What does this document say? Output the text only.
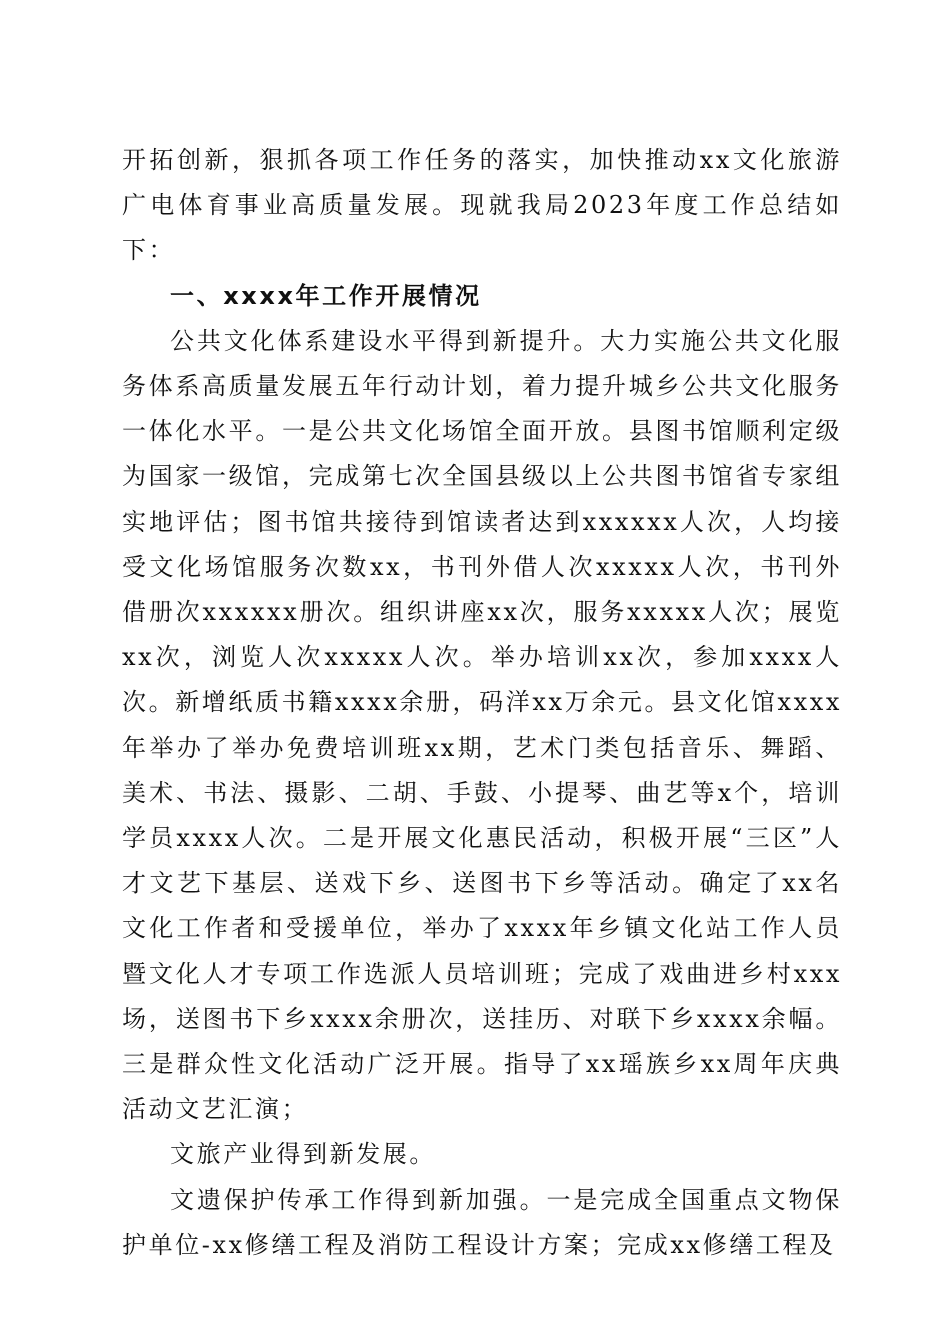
开拓创新，狠抓各项工作任务的落实，加快推动xx文化旅游广电体育事业高质量发展。现就我局2023年度工作总结如下：

一、xxxx年工作开展情况

公共文化体系建设水平得到新提升。大力实施公共文化服务体系高质量发展五年行动计划，着力提升城乡公共文化服务一体化水平。一是公共文化场馆全面开放。县图书馆顺利定级为国家一级馆，完成第七次全国县级以上公共图书馆省专家组实地评估；图书馆共接待到馆读者达到xxxxxx人次，人均接受文化场馆服务次数xx，书刊外借人次xxxxx人次，书刊外借册次xxxxxx册次。组织讲座xx次，服务xxxxx人次；展览xx次，浏览人次xxxxx人次。举办培训xx次，参加xxxx人次。新增纸质书籍xxxx余册，码洋xx万余元。县文化馆xxxx年举办了举办免费培训班xx期，艺术门类包括音乐、舞蹈、美术、书法、摄影、二胡、手鼓、小提琴、曲艺等x个，培训学员xxxx人次。二是开展文化惠民活动，积极开展“三区”人才文艺下基层、送戏下乡、送图书下乡等活动。确定了xx名文化工作者和受援单位，举办了xxxx年乡镇文化站工作人员暨文化人才专项工作选派人员培训班；完成了戏曲进乡村xxx场，送图书下乡xxxx余册次，送挂历、对联下乡xxxx余幅。三是群众性文化活动广泛开展。指导了xx瑶族乡xx周年庆典活动文艺汇演；

文旅产业得到新发展。

文遗保护传承工作得到新加强。一是完成全国重点文物保护单位-xx修缮工程及消防工程设计方案；完成xx修缮工程及
